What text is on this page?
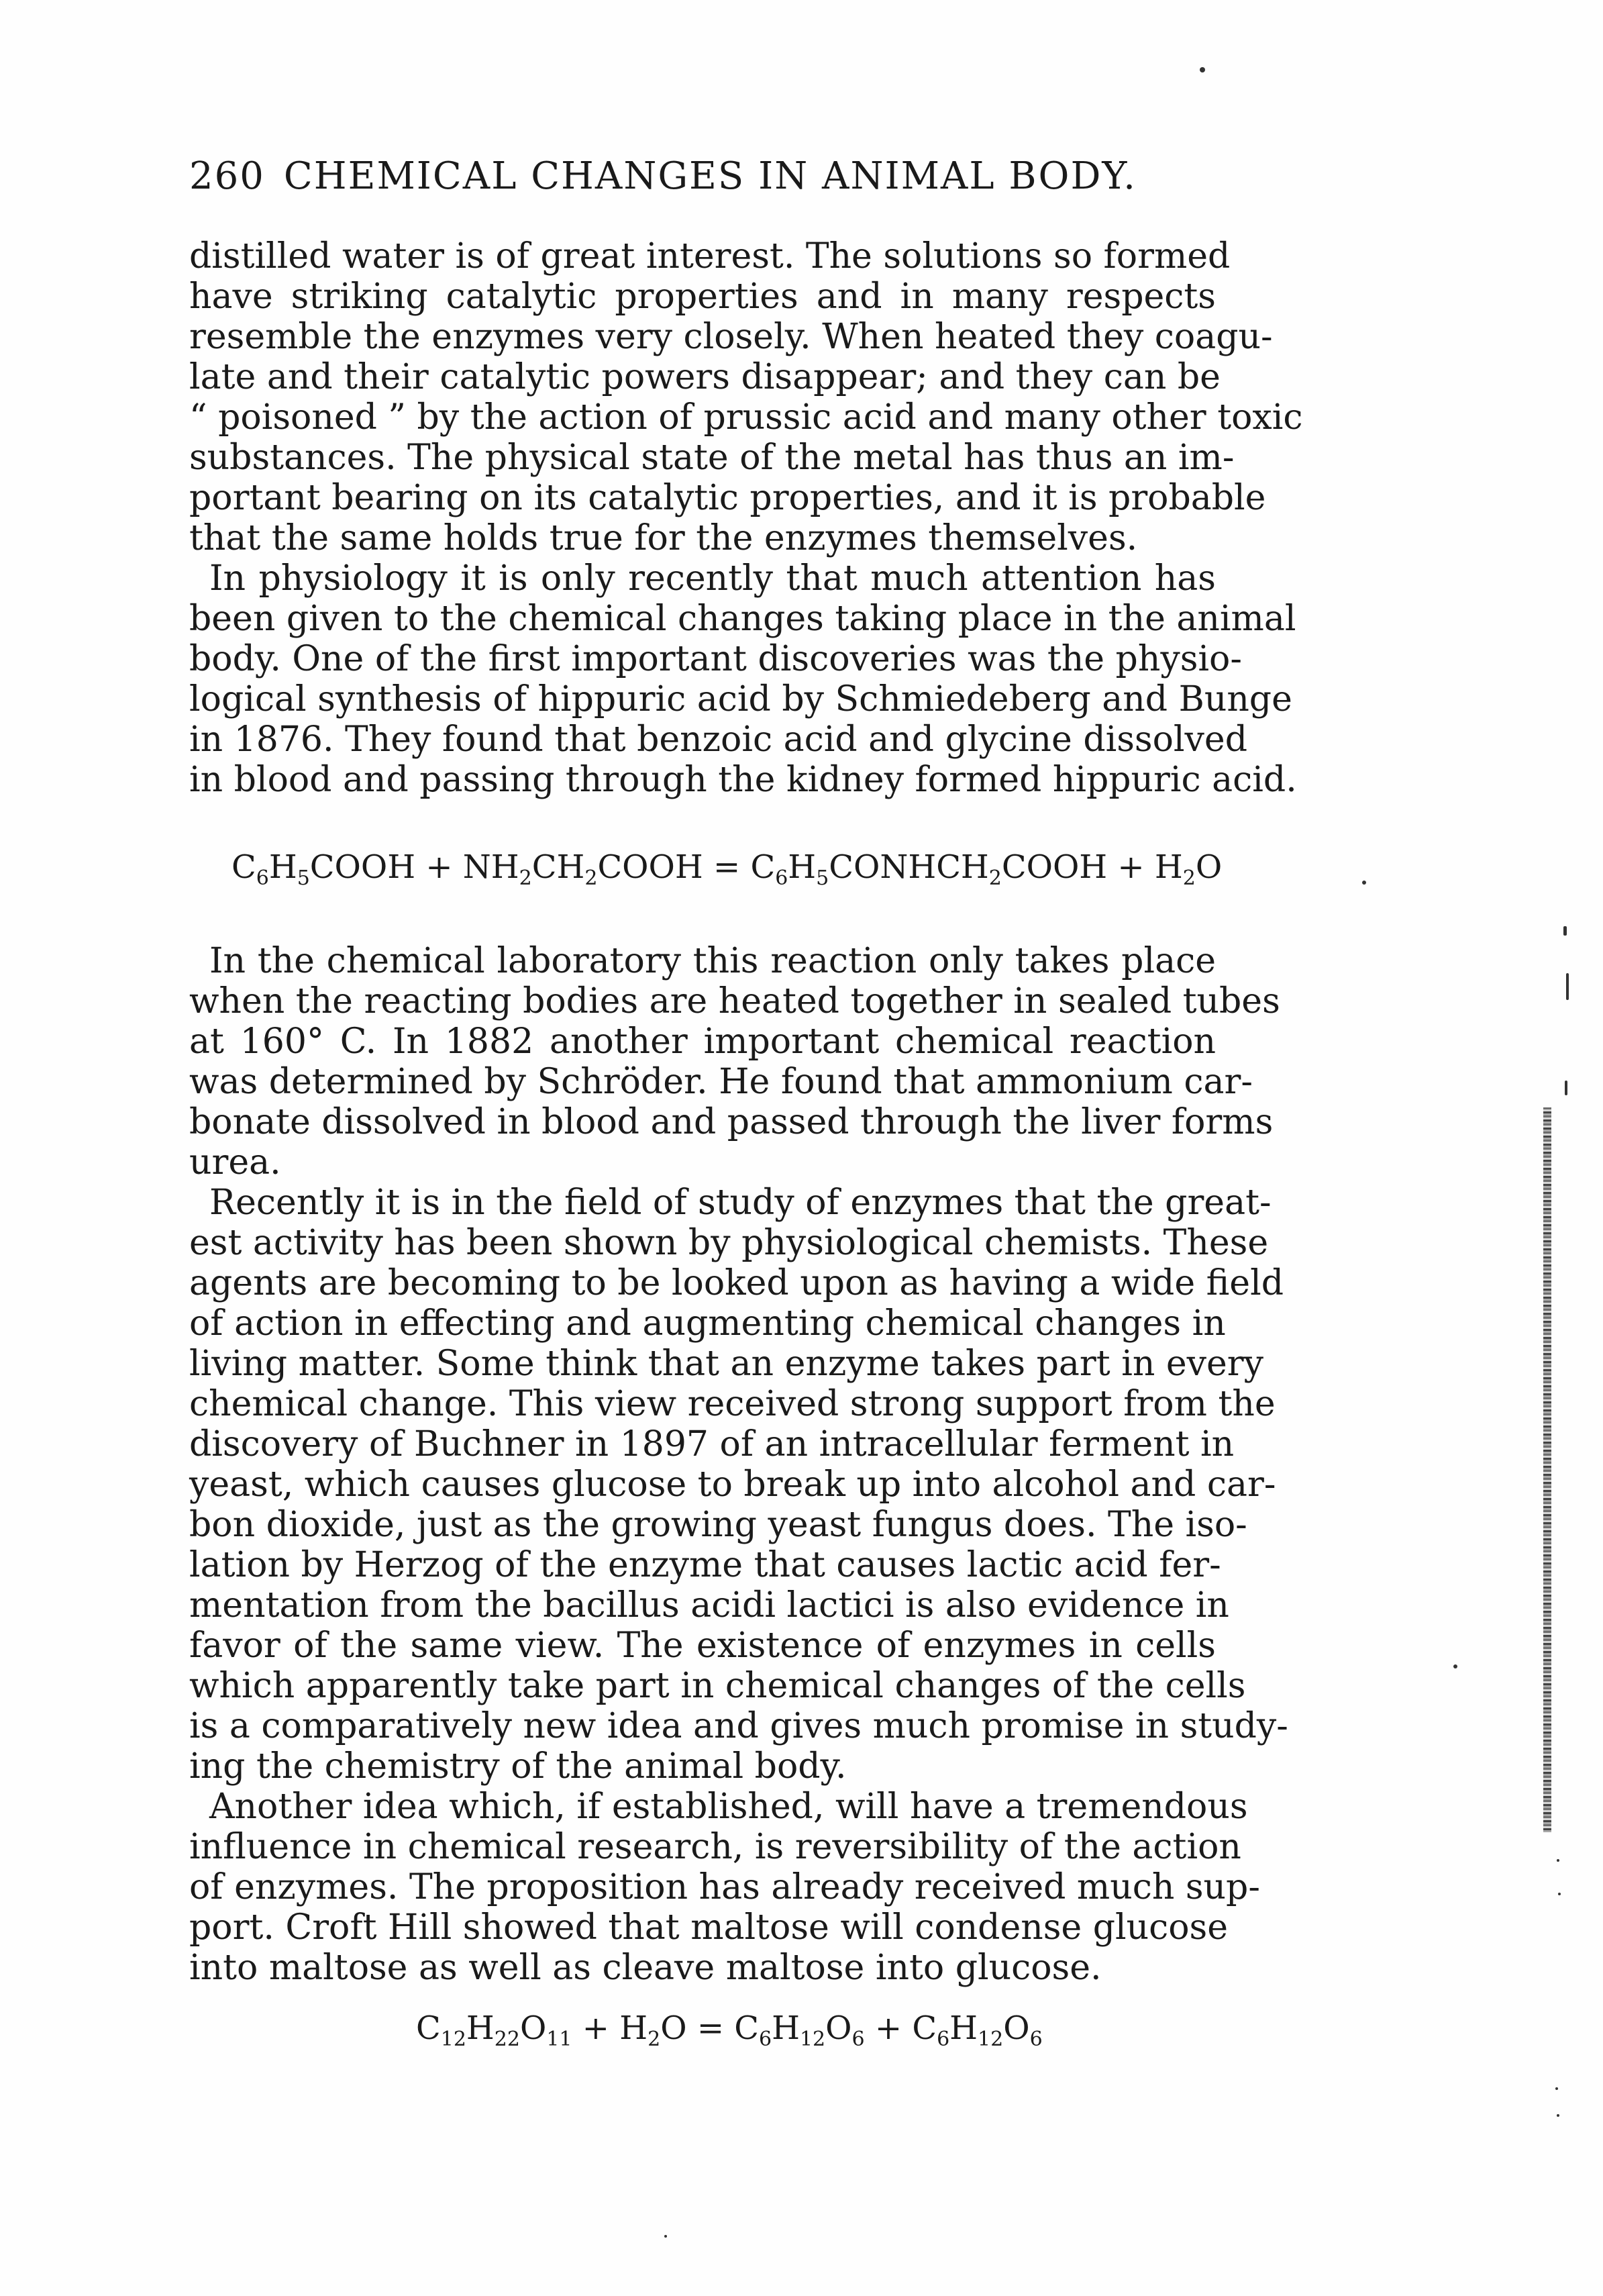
260 CHEMICAL CHANGES IN ANIMAL BODY.
distilled water is of great interest. The solutions so formed
have striking catalytic properties and in many respects
resemble the enzymes very closely. When heated they coagu-
late and their catalytic powers disappear; and they can be
“ poisoned ” by the action of prussic acid and many other toxic
substances. The physical state of the metal has thus an im-
portant bearing on its catalytic properties, and it is probable
that the same holds true for the enzymes themselves.
In physiology it is only recently that much attention has
been given to the chemical changes taking place in the animal
body. One of the first important discoveries was the physio-
logical synthesis of hippuric acid by Schmiedeberg and Bunge
in 1876. They found that benzoic acid and glycine dissolved
in blood and passing through the kidney formed hippuric acid.
$C_6H_5COOH$ + $NH_2CH_2COOH$ = $C_6H_5CONHCH_2COOH + H_2O$
In the chemical laboratory this reaction only takes place
when the reacting bodies are heated together in sealed tubes
at 160° C. In 1882 another important chemical reaction
was determined by Schröder. He found that ammonium car-
bonate dissolved in blood and passed through the liver forms
urea.
Recently it is in the field of study of enzymes that the great-
est activity has been shown by physiological chemists. These
agents are becoming to be looked upon as having a wide field
of action in effecting and augmenting chemical changes in
living matter. Some think that an enzyme takes part in every
chemical change. This view received strong support from the
discovery of Buchner in 1897 of an intracellular ferment in
yeast, which causes glucose to break up into alcohol and car-
bon dioxide, just as the growing yeast fungus does. The iso-
lation by Herzog of the enzyme that causes lactic acid fer-
mentation from the bacillus acidi lactici is also evidence in
favor of the same view. The existence of enzymes in cells
which apparently take part in chemical changes of the cells
is a comparatively new idea and gives much promise in study-
ing the chemistry of the animal body.
Another idea which, if established, will have a tremendous
influence in chemical research, is reversibility of the action
of enzymes. The proposition has already received much sup-
port. Croft Hill showed that maltose will condense glucose
into maltose as well as cleave maltose into glucose.
$C_{12}H_{22}O_{11} + H_2O = C_6H_{12}O_6 + C_6H_{12}O_6$
